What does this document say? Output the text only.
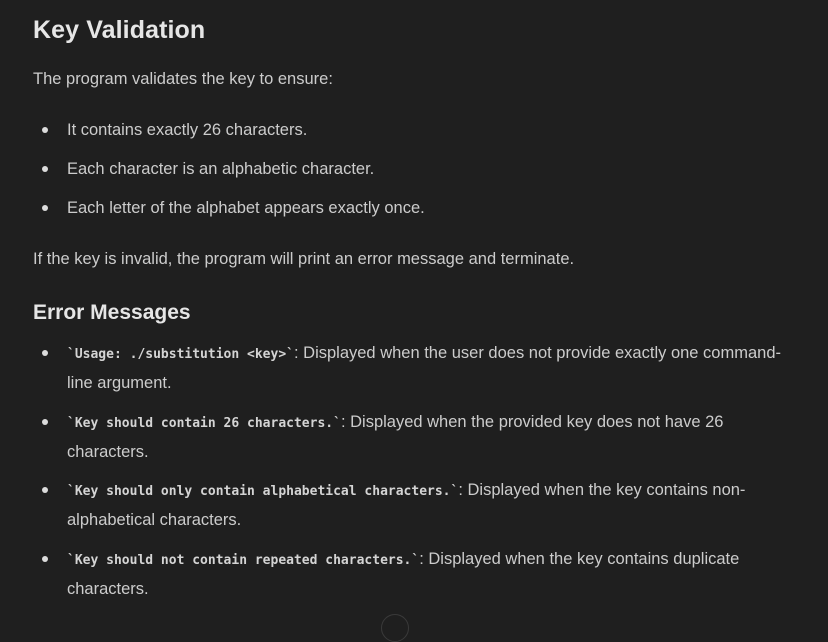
Key Validation

The program validates the key to ensure:

It contains exactly 26 characters.
Each character is an alphabetic character.
Each letter of the alphabet appears exactly once.

If the key is invalid, the program will print an error message and terminate.

Error Messages
`Usage: ./substitution <key>`: Displayed when the user does not provide exactly one command-line argument.
`Key should contain 26 characters.`: Displayed when the provided key does not have 26 characters.
`Key should only contain alphabetical characters.`: Displayed when the key contains non-alphabetical characters.
`Key should not contain repeated characters.`: Displayed when the key contains duplicate characters.
